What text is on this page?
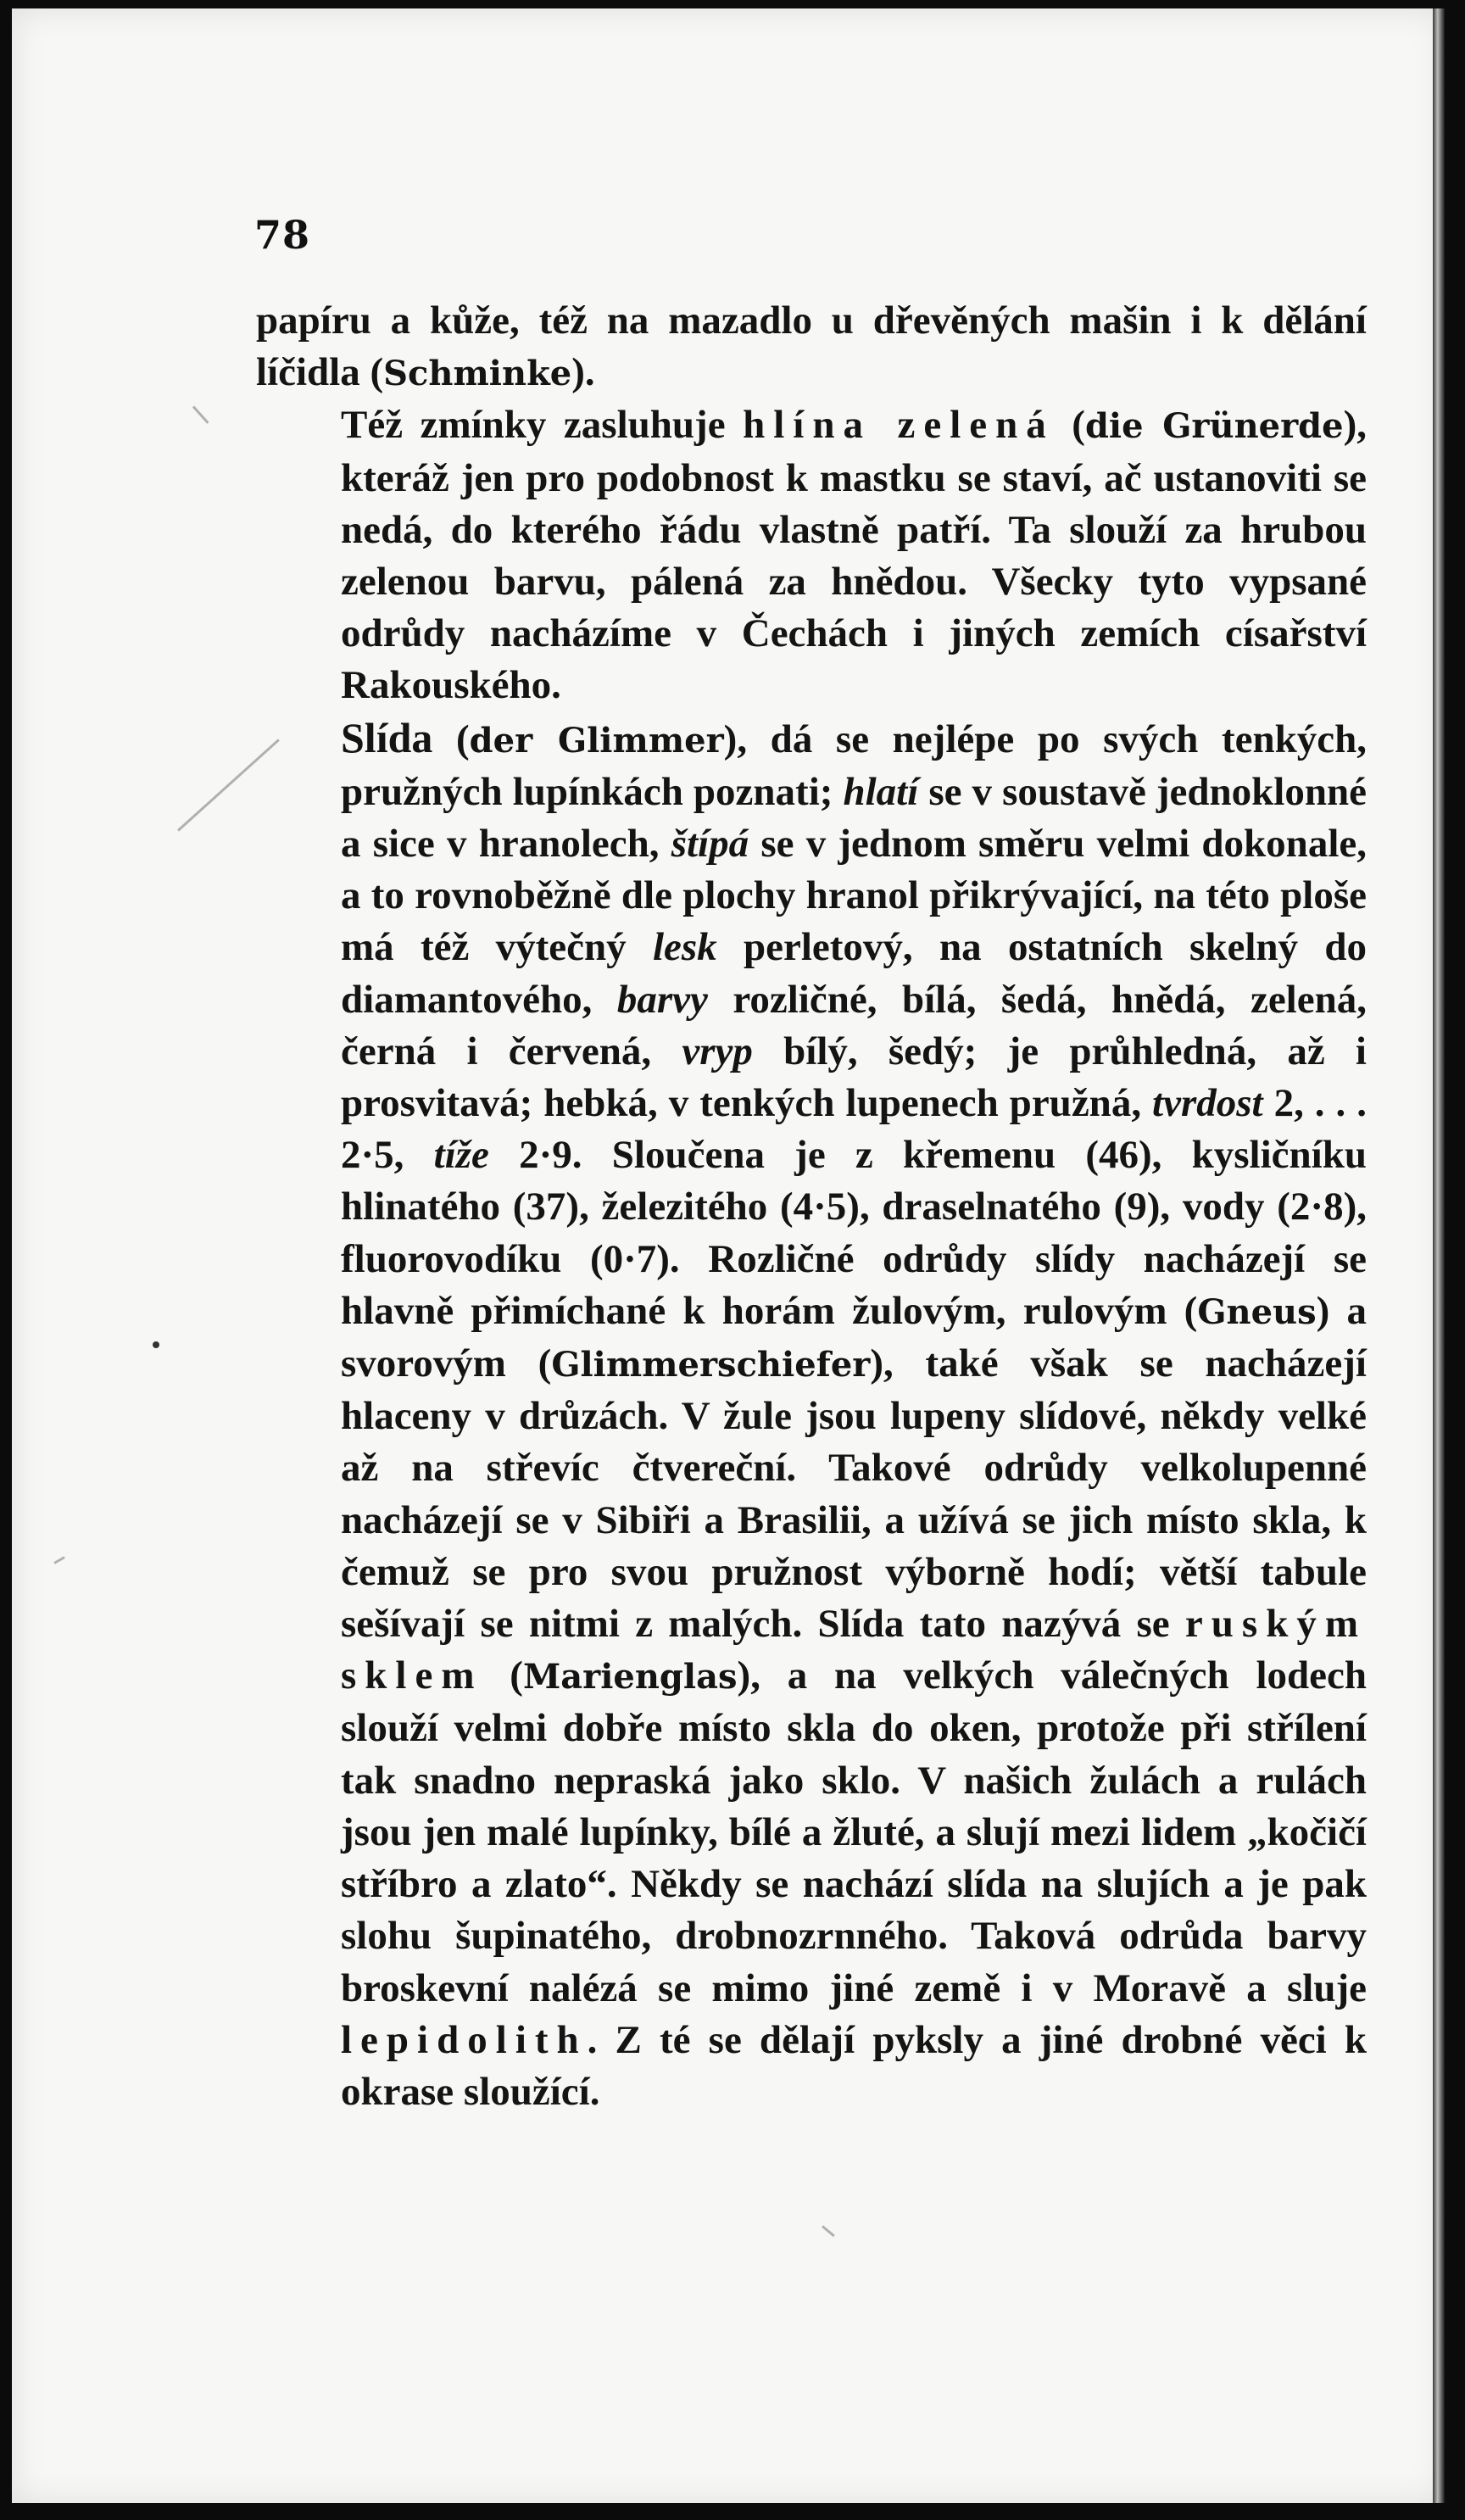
78

papíru a kůže, též na mazadlo u dřevěných mašin i k dělání líčidla (Schminke).

Též zmínky zasluhuje hlína zelená (die Grünerde), kteráž jen pro podobnost k mastku se staví, ač ustanoviti se nedá, do kterého řádu vlastně patří. Ta slouží za hrubou zelenou barvu, pálená za hnědou. Všecky tyto vypsané odrůdy nacházíme v Čechách i jiných zemích císařství Rakouského.

Slída (der Glimmer), dá se nejlépe po svých tenkých, pružných lupínkách poznati; hlatí se v soustavě jednoklonné a sice v hranolech, štípá se v jednom směru velmi dokonale, a to rovnoběžně dle plochy hranol přikrývající, na této ploše má též výtečný lesk perletový, na ostatních skelný do diamantového, barvy rozličné, bílá, šedá, hnědá, zelená, černá i červená, vryp bílý, šedý; je průhledná, až i prosvitavá; hebká, v tenkých lupenech pružná, tvrdost 2, . . . 2·5, tíže 2·9. Sloučena je z křemenu (46), kysličníku hlinatého (37), železitého (4·5), draselnatého (9), vody (2·8), fluorovodíku (0·7). Rozličné odrůdy slídy nacházejí se hlavně přimíchané k horám žulovým, rulovým (Gneus) a svorovým (Glimmerschiefer), také však se nacházejí hlaceny v drůzách. V žule jsou lupeny slídové, někdy velké až na střevíc čtvereční. Takové odrůdy velkolupenné nacházejí se v Sibiři a Brasilii, a užívá se jich místo skla, k čemuž se pro svou pružnost výborně hodí; větší tabule sešívají se nitmi z malých. Slída tato nazývá se ruským sklem (Marienglas), a na velkých válečných lodech slouží velmi dobře místo skla do oken, protože při střílení tak snadno nepraská jako sklo. V našich žulách a rulách jsou jen malé lupínky, bílé a žluté, a slují mezi lidem „kočičí stříbro a zlato“. Někdy se nachází slída na slujích a je pak slohu šupinatého, drobnozrnného. Taková odrůda barvy broskevní nalézá se mimo jiné země i v Moravě a sluje lepidolith. Z té se dělají pyksly a jiné drobné věci k okrase sloužící.
